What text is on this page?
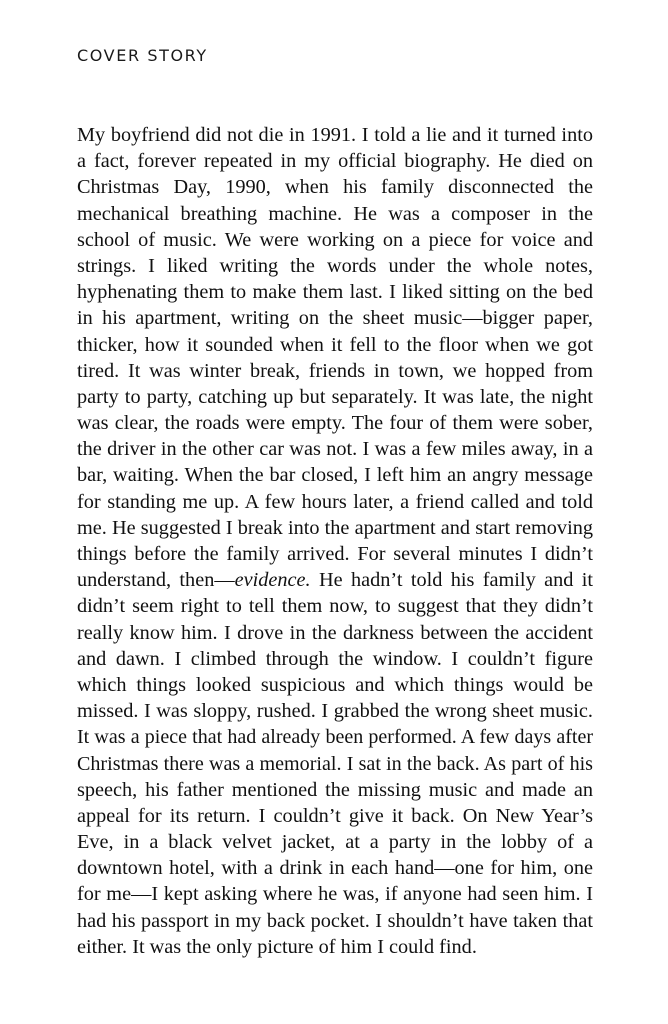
COVER STORY
My boyfriend did not die in 1991. I told a lie and it turned into
a fact, forever repeated in my official biography. He died on
Christmas Day, 1990, when his family disconnected the
mechanical breathing machine. He was a composer in the
school of music. We were working on a piece for voice and
strings. I liked writing the words under the whole notes,
hyphenating them to make them last. I liked sitting on the bed
in his apartment, writing on the sheet music—bigger paper,
thicker, how it sounded when it fell to the floor when we got
tired. It was winter break, friends in town, we hopped from
party to party, catching up but separately. It was late, the night
was clear, the roads were empty. The four of them were sober,
the driver in the other car was not. I was a few miles away, in a
bar, waiting. When the bar closed, I left him an angry message
for standing me up. A few hours later, a friend called and told
me. He suggested I break into the apartment and start removing
things before the family arrived. For several minutes I didn’t
understand, then—evidence. He hadn’t told his family and it
didn’t seem right to tell them now, to suggest that they didn’t
really know him. I drove in the darkness between the accident
and dawn. I climbed through the window. I couldn’t figure
which things looked suspicious and which things would be
missed. I was sloppy, rushed. I grabbed the wrong sheet music.
It was a piece that had already been performed. A few days after
Christmas there was a memorial. I sat in the back. As part of his
speech, his father mentioned the missing music and made an
appeal for its return. I couldn’t give it back. On New Year’s
Eve, in a black velvet jacket, at a party in the lobby of a
downtown hotel, with a drink in each hand—one for him, one
for me—I kept asking where he was, if anyone had seen him. I
had his passport in my back pocket. I shouldn’t have taken that
either. It was the only picture of him I could find.
